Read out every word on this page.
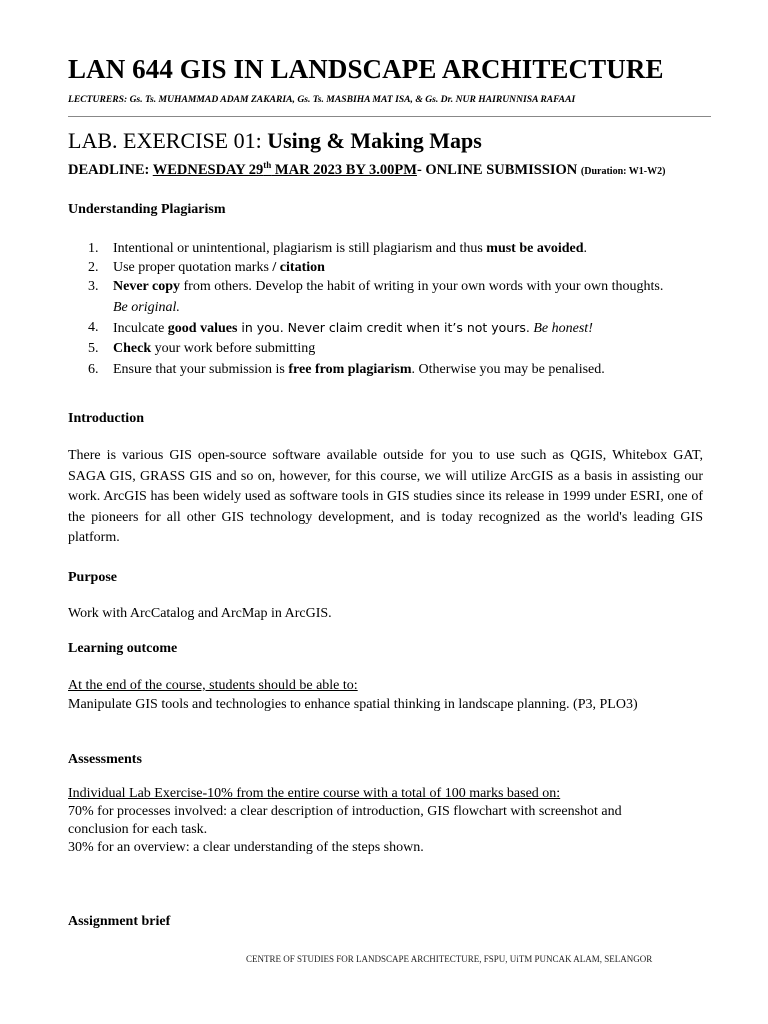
LAN 644 GIS IN LANDSCAPE ARCHITECTURE
LECTURERS: Gs. Ts. MUHAMMAD ADAM ZAKARIA, Gs. Ts. MASBIHA MAT ISA, & Gs. Dr. NUR HAIRUNNISA RAFAAI
LAB. EXERCISE 01: Using & Making Maps
DEADLINE: WEDNESDAY 29th MAR 2023 BY 3.00PM- ONLINE SUBMISSION (Duration: W1-W2)
Understanding Plagiarism
1. Intentional or unintentional, plagiarism is still plagiarism and thus must be avoided.
2. Use proper quotation marks / citation
3. Never copy from others. Develop the habit of writing in your own words with your own thoughts. Be original.
4. Inculcate good values in you. Never claim credit when it’s not yours. Be honest!
5. Check your work before submitting
6. Ensure that your submission is free from plagiarism. Otherwise you may be penalised.
Introduction
There is various GIS open-source software available outside for you to use such as QGIS, Whitebox GAT, SAGA GIS, GRASS GIS and so on, however, for this course, we will utilize ArcGIS as a basis in assisting our work. ArcGIS has been widely used as software tools in GIS studies since its release in 1999 under ESRI, one of the pioneers for all other GIS technology development, and is today recognized as the world's leading GIS platform.
Purpose
Work with ArcCatalog and ArcMap in ArcGIS.
Learning outcome
At the end of the course, students should be able to:
Manipulate GIS tools and technologies to enhance spatial thinking in landscape planning. (P3, PLO3)
Assessments
Individual Lab Exercise-10% from the entire course with a total of 100 marks based on:
70% for processes involved: a clear description of introduction, GIS flowchart with screenshot and
conclusion for each task.
30% for an overview: a clear understanding of the steps shown.
Assignment brief
CENTRE OF STUDIES FOR LANDSCAPE ARCHITECTURE, FSPU, UiTM PUNCAK ALAM, SELANGOR
